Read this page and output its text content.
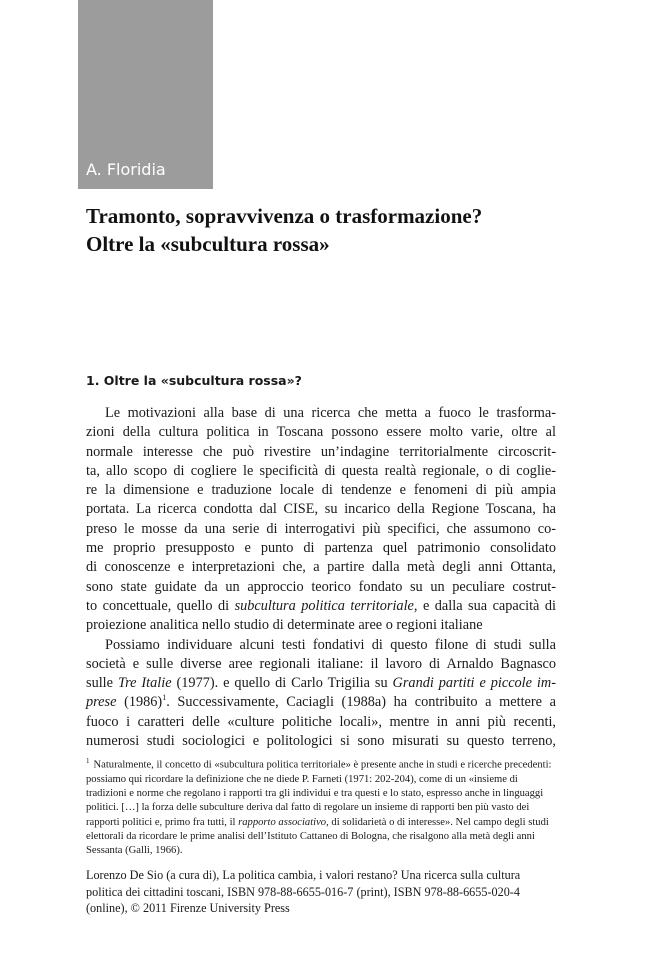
A. Floridia
Tramonto, sopravvivenza o trasformazione?
Oltre la «subcultura rossa»
1. Oltre la «subcultura rossa»?
Le motivazioni alla base di una ricerca che metta a fuoco le trasforma-
zioni della cultura politica in Toscana possono essere molto varie, oltre al
normale interesse che può rivestire un’indagine territorialmente circoscrit-
ta, allo scopo di cogliere le specificità di questa realtà regionale, o di coglie-
re la dimensione e traduzione locale di tendenze e fenomeni di più ampia
portata. La ricerca condotta dal CISE, su incarico della Regione Toscana, ha
preso le mosse da una serie di interrogativi più specifici, che assumono co-
me proprio presupposto e punto di partenza quel patrimonio consolidato
di conoscenze e interpretazioni che, a partire dalla metà degli anni Ottanta,
sono state guidate da un approccio teorico fondato su un peculiare costrut-
to concettuale, quello di subcultura politica territoriale, e dalla sua capacità di
proiezione analitica nello studio di determinate aree o regioni italiane
Possiamo individuare alcuni testi fondativi di questo filone di studi sulla
società e sulle diverse aree regionali italiane: il lavoro di Arnaldo Bagnasco
sulle Tre Italie (1977). e quello di Carlo Trigilia su Grandi partiti e piccole im-
prese $(1986)^1$. Successivamente, Caciagli (1988a) ha contribuito a mettere a
fuoco i caratteri delle «culture politiche locali», mentre in anni più recenti,
numerosi studi sociologici e politologici si sono misurati su questo terreno,
$^1$ Naturalmente, il concetto di «subcultura politica territoriale» è presente anche in studi e ricerche precedenti: possiamo qui ricordare la definizione che ne diede P. Farneti (1971: 202-204), come di un «insieme di tradizioni e norme che regolano i rapporti tra gli individui e tra questi e lo stato, espresso anche in linguaggi politici. […] la forza delle subculture deriva dal fatto di regolare un insieme di rapporti ben più vasto dei rapporti politici e, primo fra tutti, il rapporto associativo, di solidarietà o di interesse». Nel campo degli studi elettorali da ricordare le prime analisi dell’Istituto Cattaneo di Bologna, che risalgono alla metà degli anni Sessanta (Galli, 1966).
Lorenzo De Sio (a cura di), La politica cambia, i valori restano? Una ricerca sulla cultura politica dei cittadini toscani, ISBN 978-88-6655-016-7 (print), ISBN 978-88-6655-020-4 (online), © 2011 Firenze University Press
